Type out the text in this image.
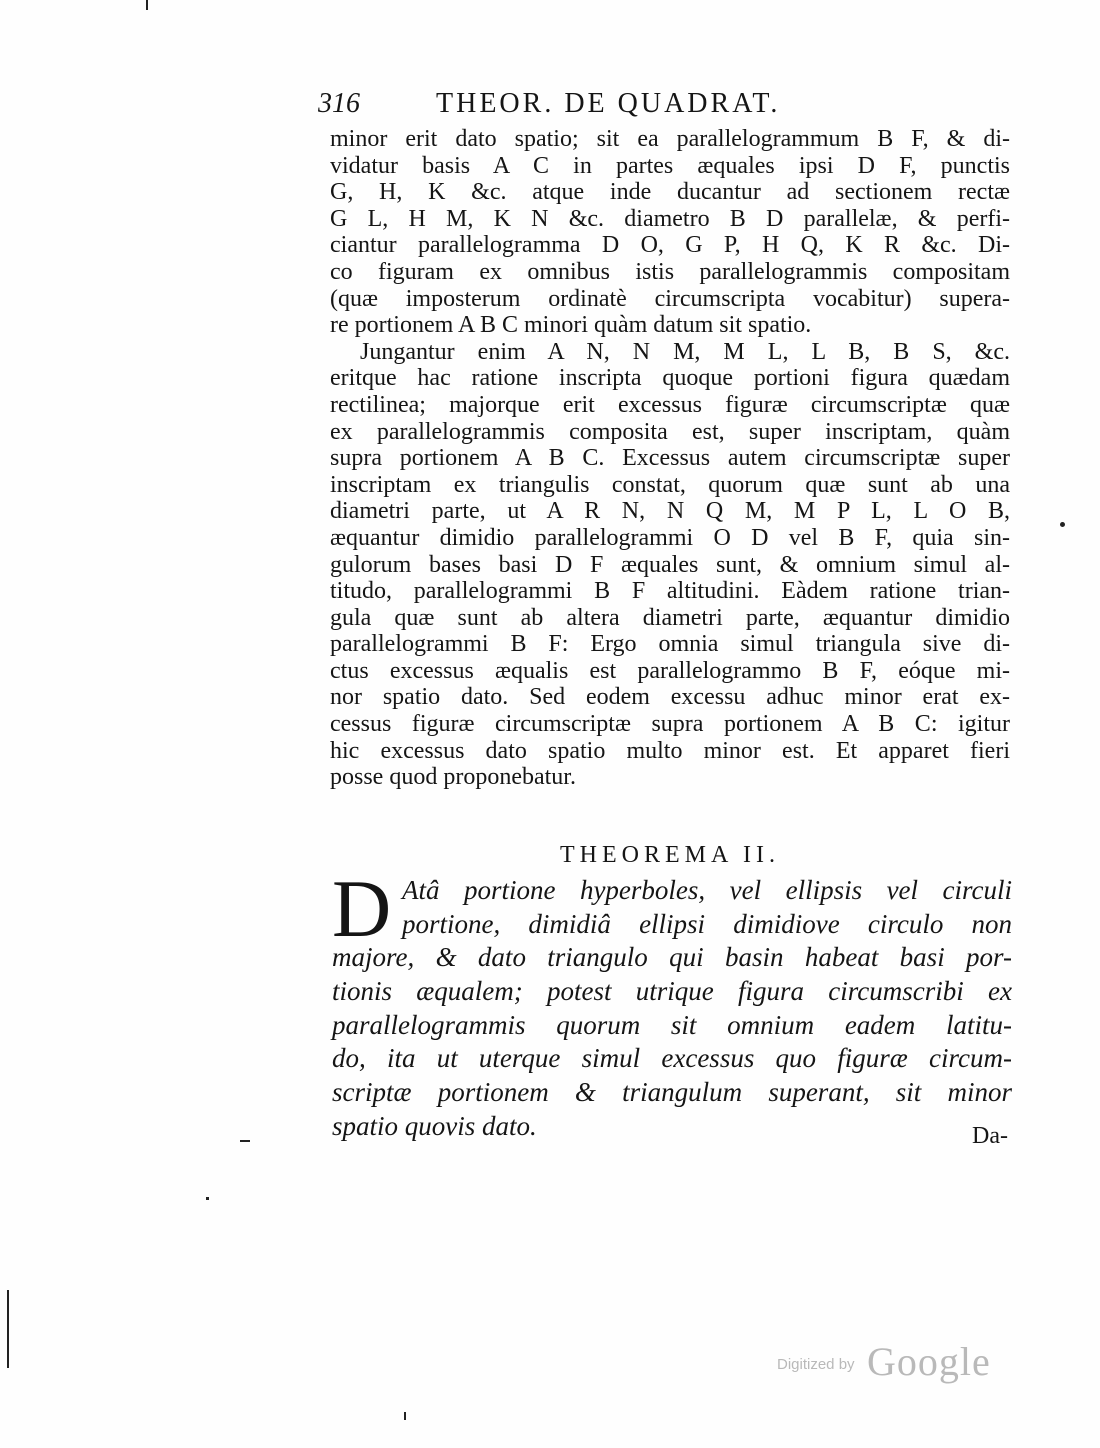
316	THEOR. DE QUADRAT.
minor erit dato spatio; sit ea parallelogrammum B F, & di-
vidatur basis A C in partes æquales ipsi D F, punctis
G, H, K &c. atque inde ducantur ad sectionem rectæ
G L, H M, K N &c. diametro B D parallelæ, & perfi-
ciantur parallelogramma D O, G P, H Q, K R &c. Di-
co figuram ex omnibus istis parallelogrammis compositam
(quæ imposterum ordinatè circumscripta vocabitur) supera-
re portionem A B C minori quàm datum sit spatio.
Jungantur enim A N, N M, M L, L B, B S, &c.
eritque hac ratione inscripta quoque portioni figura quædam
rectilinea; majorque erit excessus figuræ circumscriptæ quæ
ex parallelogrammis composita est, super inscriptam, quàm
supra portionem A B C. Excessus autem circumscriptæ super
inscriptam ex triangulis constat, quorum quæ sunt ab una
diametri parte, ut A R N, N Q M, M P L, L O B,
æquantur dimidio parallelogrammi O D vel B F, quia sin-
gulorum bases basi D F æquales sunt, & omnium simul al-
titudo, parallelogrammi B F altitudini. Eàdem ratione trian-
gula quæ sunt ab altera diametri parte, æquantur dimidio
parallelogrammi B F: Ergo omnia simul triangula sive di-
ctus excessus æqualis est parallelogrammo B F, eóque mi-
nor spatio dato. Sed eodem excessu adhuc minor erat ex-
cessus figuræ circumscriptæ supra portionem A B C: igitur
hic excessus dato spatio multo minor est. Et apparet fieri
posse quod proponebatur.
THEOREMA II.
D Atâ portione hyperboles, vel ellipsis vel circuli
portione, dimidiâ ellipsi dimidiove circulo non
majore, & dato triangulo qui basin habeat basi por-
tionis æqualem; potest utrique figura circumscribi ex
parallelogrammis quorum sit omnium eadem latitu-
do, ita ut uterque simul excessus quo figuræ circum-
scriptæ portionem & triangulum superant, sit minor
spatio quovis dato.	Da-
Digitized by Google
